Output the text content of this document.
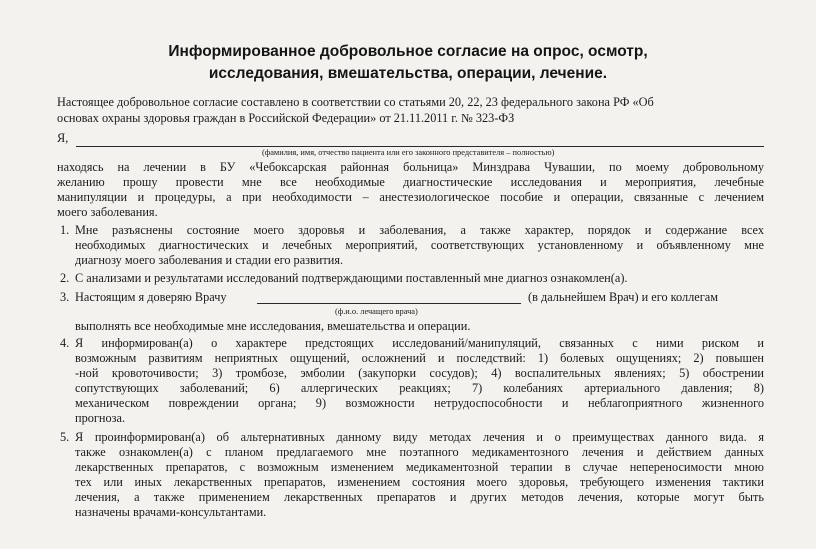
Информированное добровольное согласие на опрос, осмотр,
исследования, вмешательства, операции, лечение.
Настоящее добровольное согласие составлено в соответствии со статьями 20, 22, 23 федерального закона РФ «Об
основах охраны здоровья граждан в Российской Федерации» от 21.11.2011 г. № 323-ФЗ
Я,
(фамилия, имя, отчество пациента или его законного представителя – полностью)
находясь на лечении в БУ «Чебоксарская районная больница» Минздрава Чувашии, по моему добровольному
желанию прошу провести мне все необходимые диагностические исследования и мероприятия, лечебные
манипуляции и процедуры, а при необходимости – анестезиологическое пособие и операции, связанные с лечением
моего заболевания.
1. Мне разъяснены состояние моего здоровья и заболевания, а также характер, порядок и содержание всех
необходимых диагностических и лечебных мероприятий, соответствующих установленному и объявленному мне
диагнозу моего заболевания и стадии его развития.
2. С анализами и результатами исследований подтверждающими поставленный мне диагноз ознакомлен(а).
3. Настоящим я доверяю Врачу	(в дальнейшем Врач) и его коллегам
(ф.и.о. лечащего врача)
выполнять все необходимые мне исследования, вмешательства и операции.
4. Я информирован(а) о характере предстоящих исследований/манипуляций, связанных с ними риском и
возможным развитиям неприятных ощущений, осложнений и последствий: 1) болевых ощущениях; 2) повышен
-ной кровоточивости; 3) тромбозе, эмболии (закупорки сосудов); 4) воспалительных явлениях; 5) обострении
сопутствующих заболеваний; 6) аллергических реакциях; 7) колебаниях артериального давления; 8)
механическом повреждении органа; 9) возможности нетрудоспособности и неблагоприятного жизненного
прогноза.
5. Я проинформирован(а) об альтернативных данному виду методах лечения и о преимуществах данного вида. я
также ознакомлен(а) с планом предлагаемого мне поэтапного медикаментозного лечения и действием данных
лекарственных препаратов, с возможным изменением медикаментозной терапии в случае непереносимости мною
тех или иных лекарственных препаратов, изменением состояния моего здоровья, требующего изменения тактики
лечения, а также применением лекарственных препаратов и других методов лечения, которые могут быть
назначены врачами-консультантами.
